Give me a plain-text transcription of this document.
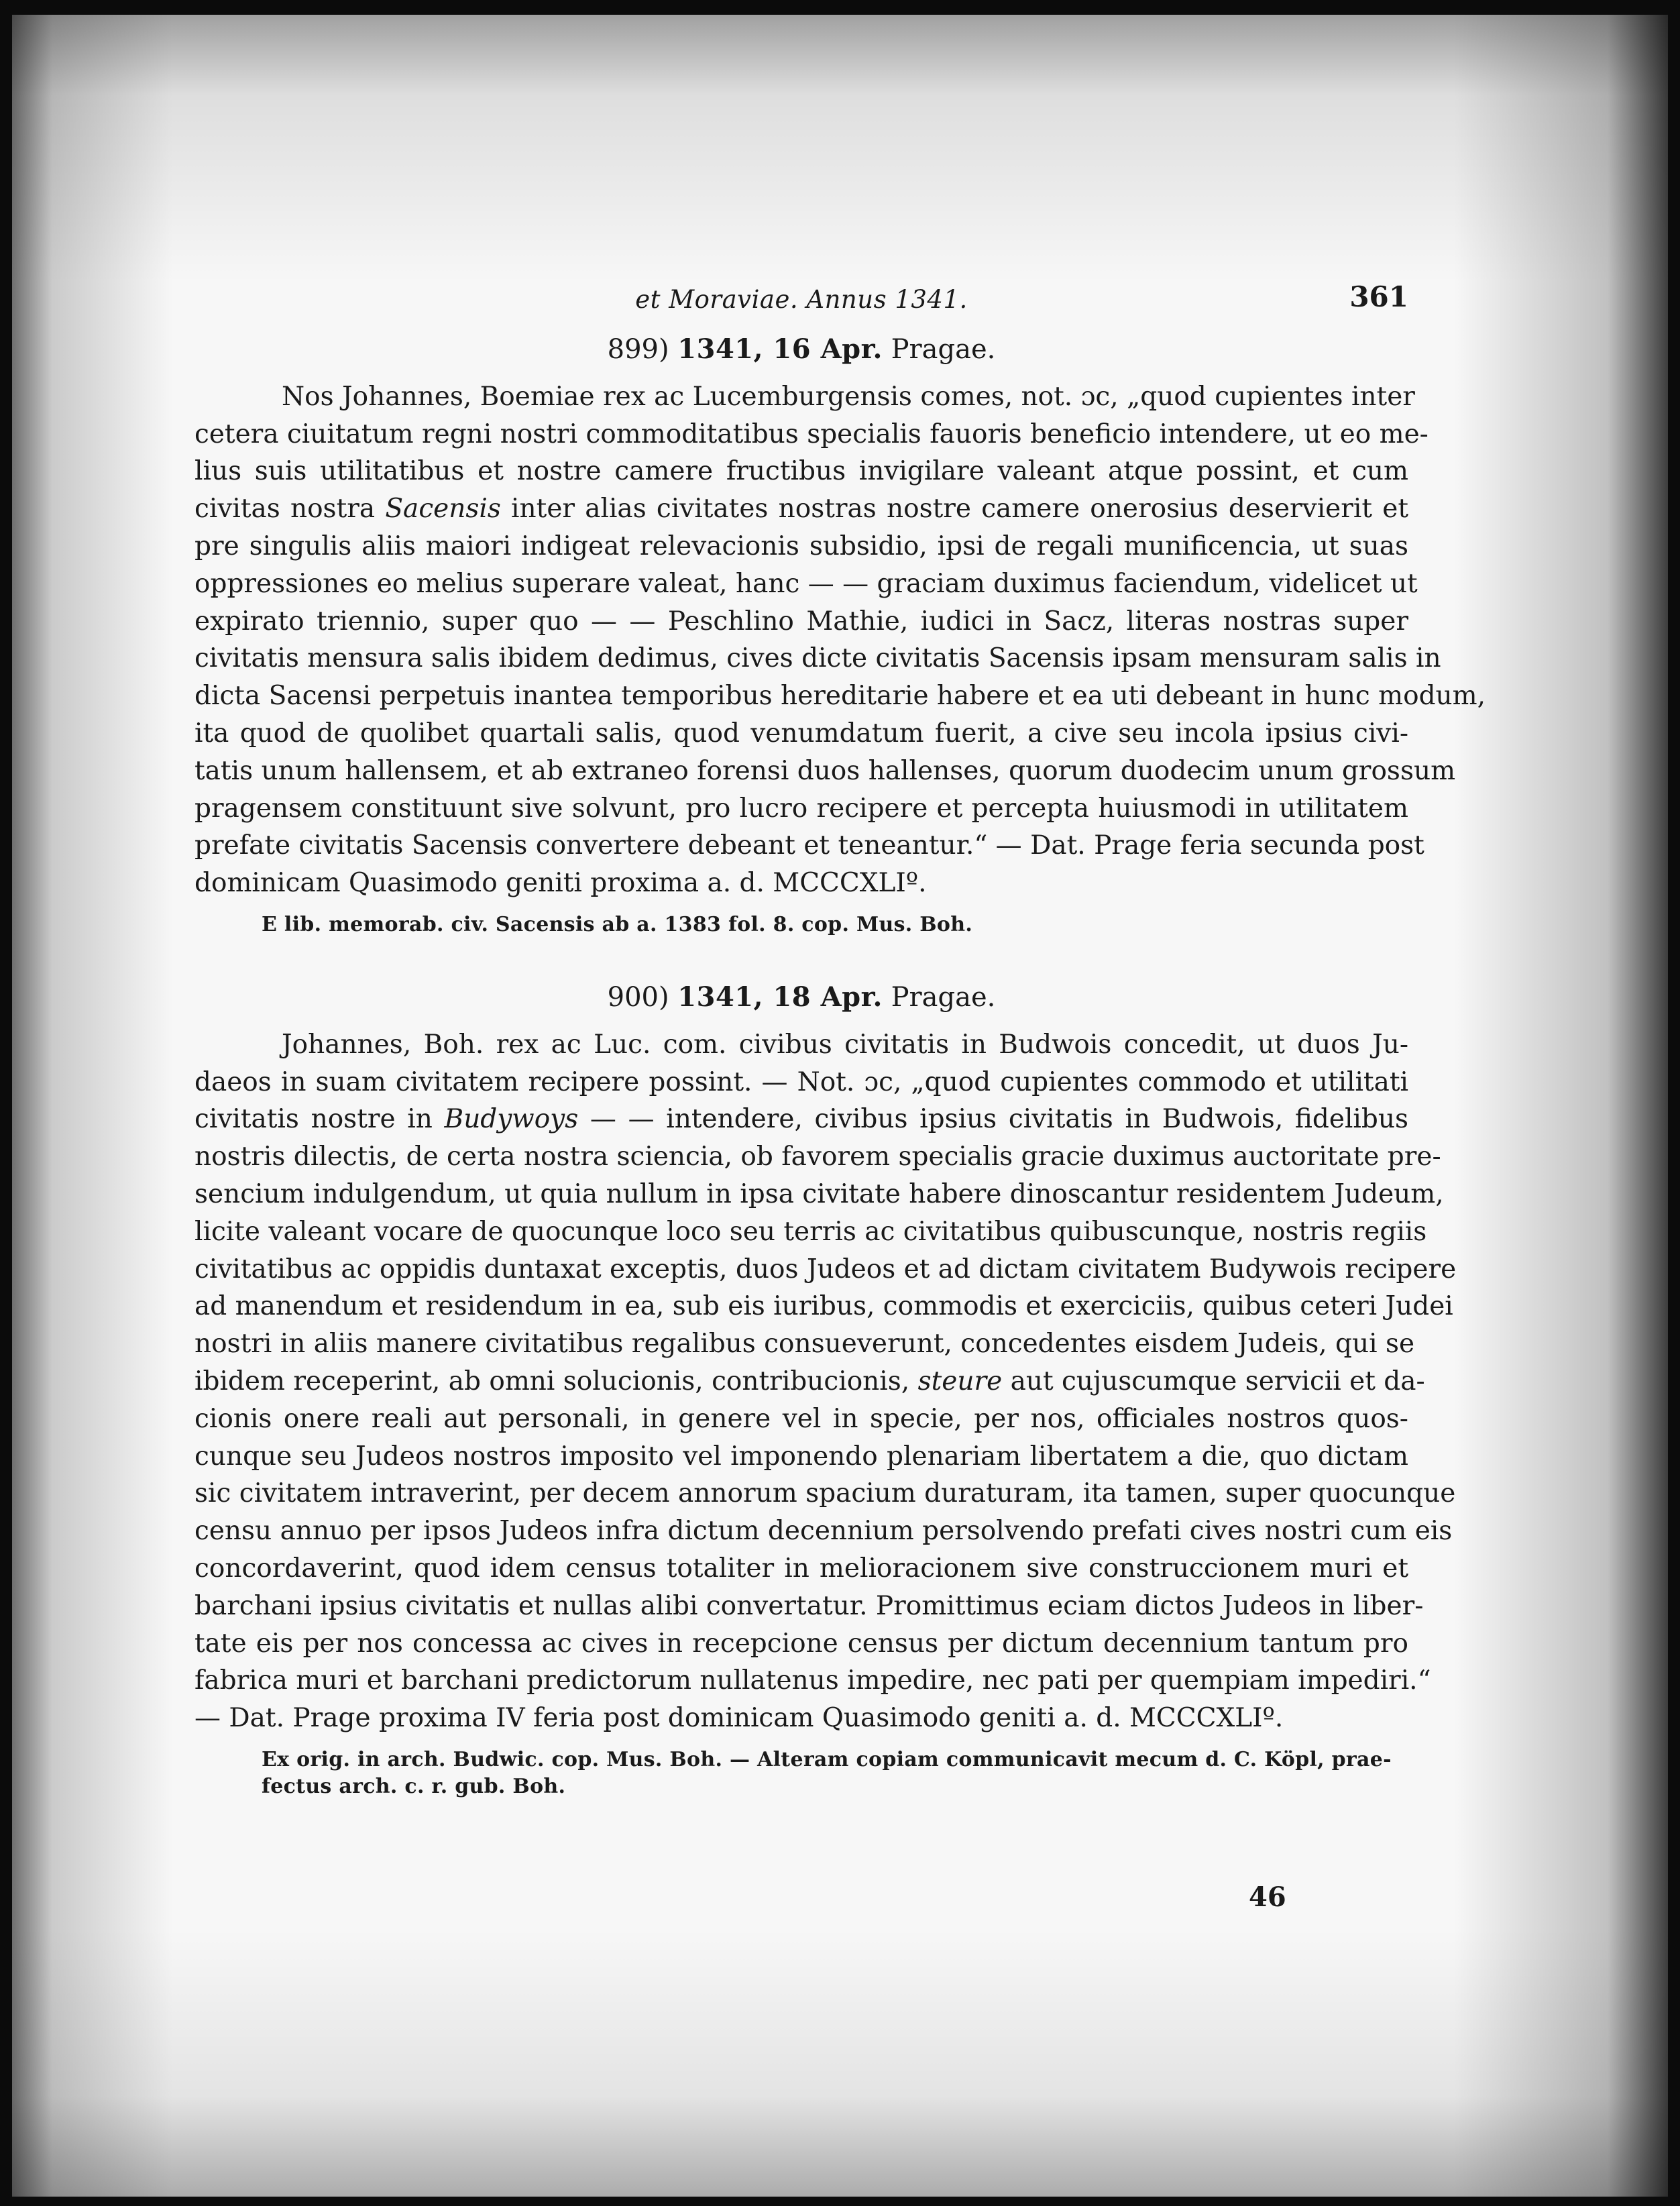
et Moraviae. Annus 1341.	361
899) 1341, 16 Apr. Pragae.
Nos Johannes, Boemiae rex ac Lucemburgensis comes, not. ɔc, „quod cupientes inter
cetera ciuitatum regni nostri commoditatibus specialis fauoris beneficio intendere, ut eo me-
lius suis utilitatibus et nostre camere fructibus invigilare valeant atque possint, et cum
civitas nostra Sacensis inter alias civitates nostras nostre camere onerosius deservierit et
pre singulis aliis maiori indigeat relevacionis subsidio, ipsi de regali munificencia, ut suas
oppressiones eo melius superare valeat, hanc — — graciam duximus faciendum, videlicet ut
expirato triennio, super quo — — Peschlino Mathie, iudici in Sacz, literas nostras super
civitatis mensura salis ibidem dedimus, cives dicte civitatis Sacensis ipsam mensuram salis in
dicta Sacensi perpetuis inantea temporibus hereditarie habere et ea uti debeant in hunc modum,
ita quod de quolibet quartali salis, quod venumdatum fuerit, a cive seu incola ipsius civi-
tatis unum hallensem, et ab extraneo forensi duos hallenses, quorum duodecim unum grossum
pragensem constituunt sive solvunt, pro lucro recipere et percepta huiusmodi in utilitatem
prefate civitatis Sacensis convertere debeant et teneantur.“ — Dat. Prage feria secunda post
dominicam Quasimodo geniti proxima a. d. MCCCXLIº.
E lib. memorab. civ. Sacensis ab a. 1383 fol. 8. cop. Mus. Boh.
900) 1341, 18 Apr. Pragae.
Johannes, Boh. rex ac Luc. com. civibus civitatis in Budwois concedit, ut duos Ju-
daeos in suam civitatem recipere possint. — Not. ɔc, „quod cupientes commodo et utilitati
civitatis nostre in Budywoys — — intendere, civibus ipsius civitatis in Budwois, fidelibus
nostris dilectis, de certa nostra sciencia, ob favorem specialis gracie duximus auctoritate pre-
sencium indulgendum, ut quia nullum in ipsa civitate habere dinoscantur residentem Judeum,
licite valeant vocare de quocunque loco seu terris ac civitatibus quibuscunque, nostris regiis
civitatibus ac oppidis duntaxat exceptis, duos Judeos et ad dictam civitatem Budywois recipere
ad manendum et residendum in ea, sub eis iuribus, commodis et exerciciis, quibus ceteri Judei
nostri in aliis manere civitatibus regalibus consueverunt, concedentes eisdem Judeis, qui se
ibidem receperint, ab omni solucionis, contribucionis, steure aut cujuscumque servicii et da-
cionis onere reali aut personali, in genere vel in specie, per nos, officiales nostros quos-
cunque seu Judeos nostros imposito vel imponendo plenariam libertatem a die, quo dictam
sic civitatem intraverint, per decem annorum spacium duraturam, ita tamen, super quocunque
censu annuo per ipsos Judeos infra dictum decennium persolvendo prefati cives nostri cum eis
concordaverint, quod idem census totaliter in melioracionem sive construccionem muri et
barchani ipsius civitatis et nullas alibi convertatur. Promittimus eciam dictos Judeos in liber-
tate eis per nos concessa ac cives in recepcione census per dictum decennium tantum pro
fabrica muri et barchani predictorum nullatenus impedire, nec pati per quempiam impediri.“
— Dat. Prage proxima IV feria post dominicam Quasimodo geniti a. d. MCCCXLIº.
Ex orig. in arch. Budwic. cop. Mus. Boh. — Alteram copiam communicavit mecum d. C. Köpl, prae-
fectus arch. c. r. gub. Boh.
46
